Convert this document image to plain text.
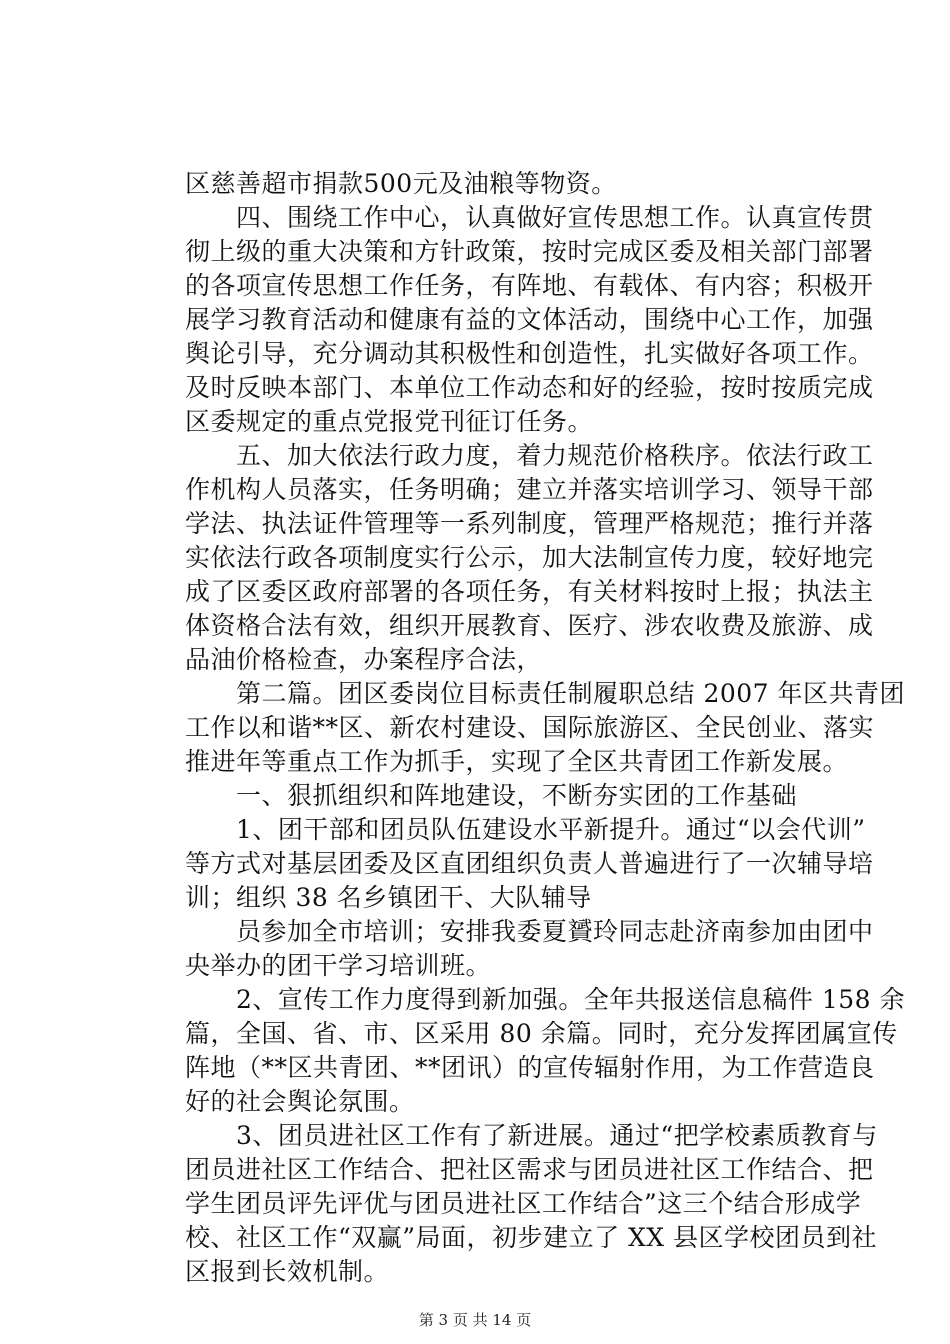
区慈善超市捐款500元及油粮等物资。
　　四、围绕工作中心，认真做好宣传思想工作。认真宣传贯
彻上级的重大决策和方针政策，按时完成区委及相关部门部署
的各项宣传思想工作任务，有阵地、有载体、有内容；积极开
展学习教育活动和健康有益的文体活动，围绕中心工作，加强
舆论引导，充分调动其积极性和创造性，扎实做好各项工作。
及时反映本部门、本单位工作动态和好的经验，按时按质完成
区委规定的重点党报党刊征订任务。
　　五、加大依法行政力度，着力规范价格秩序。依法行政工
作机构人员落实，任务明确；建立并落实培训学习、领导干部
学法、执法证件管理等一系列制度，管理严格规范；推行并落
实依法行政各项制度实行公示，加大法制宣传力度，较好地完
成了区委区政府部署的各项任务，有关材料按时上报；执法主
体资格合法有效，组织开展教育、医疗、涉农收费及旅游、成
品油价格检查，办案程序合法，
　　第二篇。团区委岗位目标责任制履职总结 2007 年区共青团
工作以和谐**区、新农村建设、国际旅游区、全民创业、落实
推进年等重点工作为抓手，实现了全区共青团工作新发展。
　　一、狠抓组织和阵地建设，不断夯实团的工作基础
　　1、团干部和团员队伍建设水平新提升。通过“以会代训”
等方式对基层团委及区直团组织负责人普遍进行了一次辅导培
训；组织 38 名乡镇团干、大队辅导
　　员参加全市培训；安排我委夏贇玲同志赴济南参加由团中
央举办的团干学习培训班。
　　2、宣传工作力度得到新加强。全年共报送信息稿件 158 余
篇，全国、省、市、区采用 80 余篇。同时，充分发挥团属宣传
阵地（**区共青团、**团讯）的宣传辐射作用，为工作营造良
好的社会舆论氛围。
　　3、团员进社区工作有了新进展。通过“把学校素质教育与
团员进社区工作结合、把社区需求与团员进社区工作结合、把
学生团员评先评优与团员进社区工作结合”这三个结合形成学
校、社区工作“双赢”局面，初步建立了 XX 县区学校团员到社
区报到长效机制。
第 3 页 共 14 页
